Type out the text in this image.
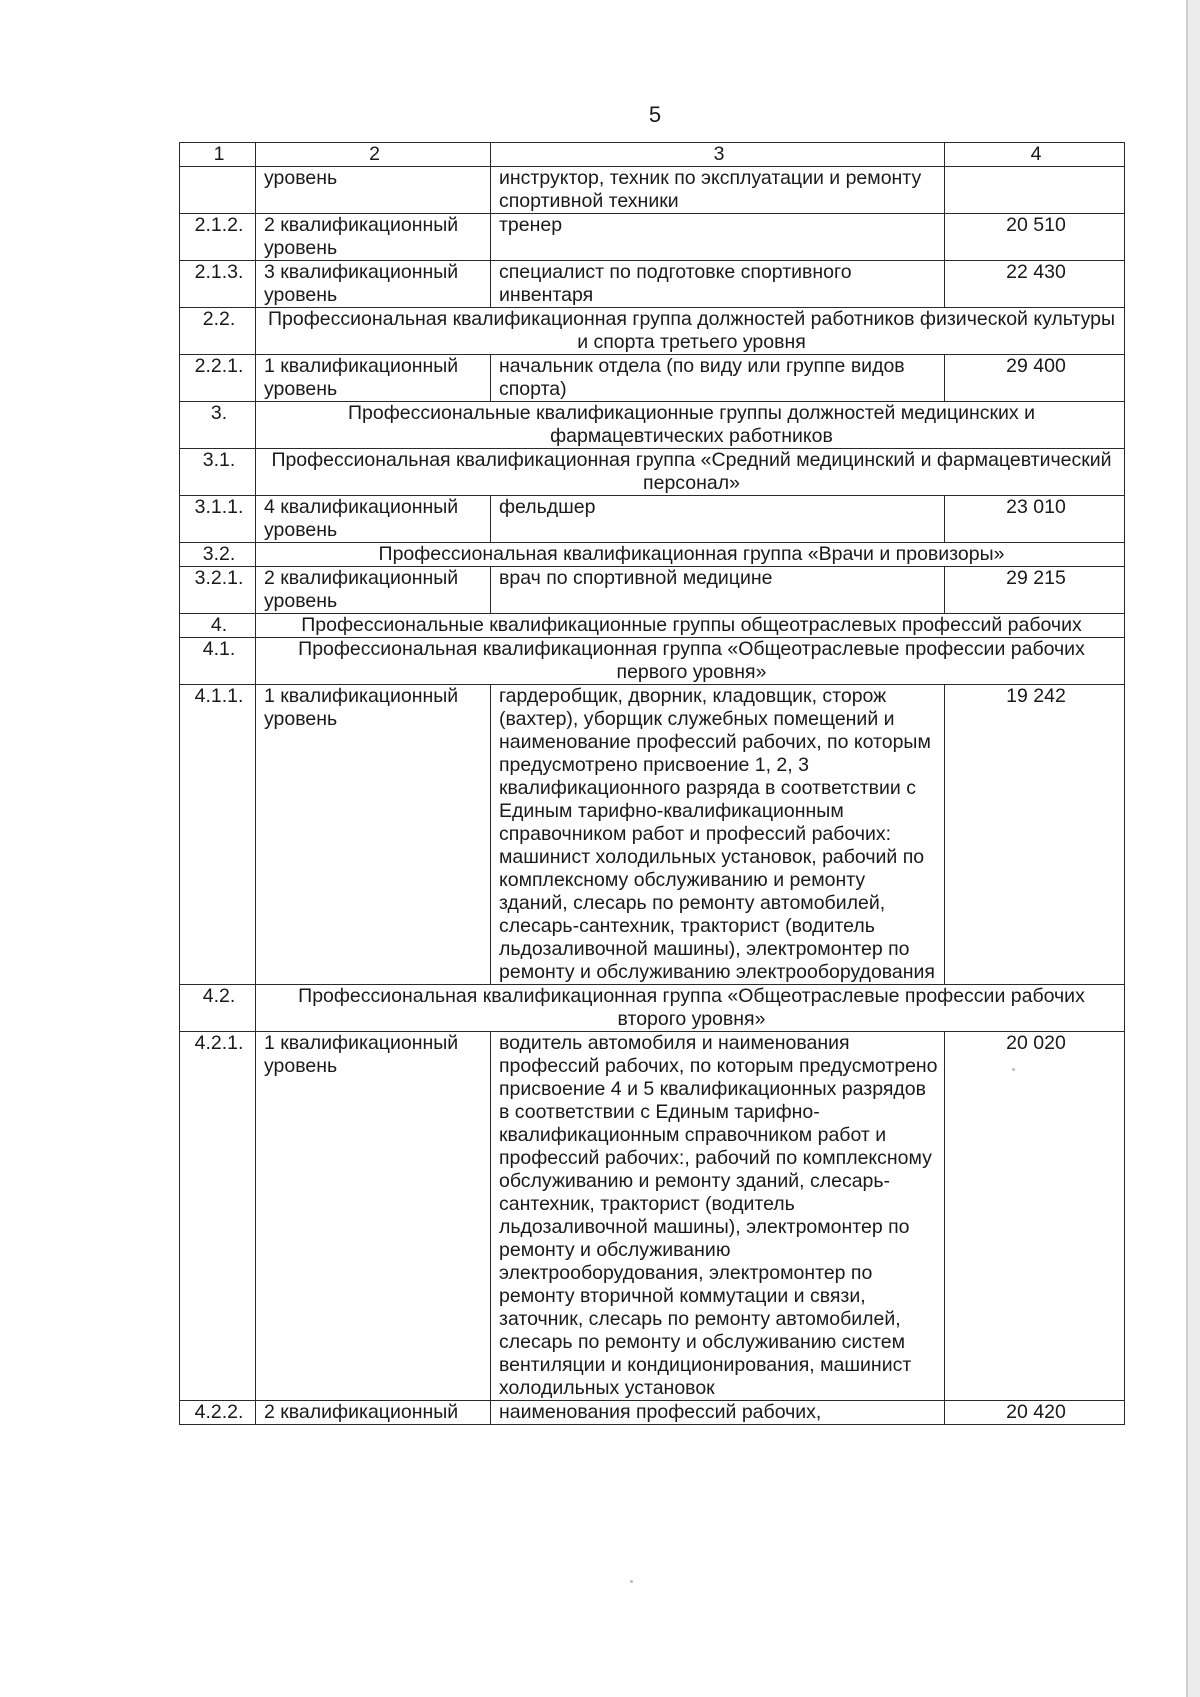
5
1	2	3	4
	уровень	инструктор, техник по эксплуатации и ремонту спортивной техники	
2.1.2.	2 квалификационный уровень	тренер	20 510
2.1.3.	3 квалификационный уровень	специалист по подготовке спортивного инвентаря	22 430
2.2.	Профессиональная квалификационная группа должностей работников физической культуры и спорта третьего уровня		
2.2.1.	1 квалификационный уровень	начальник отдела (по виду или группе видов спорта)	29 400
3.	Профессиональные квалификационные группы должностей медицинских и фармацевтических работников		
3.1.	Профессиональная квалификационная группа «Средний медицинский и фармацевтический персонал»		
3.1.1.	4 квалификационный уровень	фельдшер	23 010
3.2.	Профессиональная квалификационная группа «Врачи и провизоры»		
3.2.1.	2 квалификационный уровень	врач по спортивной медицине	29 215
4.	Профессиональные квалификационные группы общеотраслевых профессий рабочих		
4.1.	Профессиональная квалификационная группа «Общеотраслевые профессии рабочих первого уровня»		
4.1.1.	1 квалификационный уровень	гардеробщик, дворник, кладовщик, сторож (вахтер), уборщик служебных помещений и наименование профессий рабочих, по которым предусмотрено присвоение 1, 2, 3 квалификационного разряда в соответствии с Единым тарифно-квалификационным справочником работ и профессий рабочих: машинист холодильных установок, рабочий по комплексному обслуживанию и ремонту зданий, слесарь по ремонту автомобилей, слесарь-сантехник, тракторист (водитель льдозаливочной машины), электромонтер по ремонту и обслуживанию электрооборудования	19 242
4.2.	Профессиональная квалификационная группа «Общеотраслевые профессии рабочих второго уровня»		
4.2.1.	1 квалификационный уровень	водитель автомобиля и наименования профессий рабочих, по которым предусмотрено присвоение 4 и 5 квалификационных разрядов в соответствии с Единым тарифно-квалификационным справочником работ и профессий рабочих:, рабочий по комплексному обслуживанию и ремонту зданий, слесарь-сантехник, тракторист (водитель льдозаливочной машины), электромонтер по ремонту и обслуживанию электрооборудования, электромонтер по ремонту вторичной коммутации и связи, заточник, слесарь по ремонту автомобилей, слесарь по ремонту и обслуживанию систем вентиляции и кондиционирования, машинист холодильных установок	20 020
4.2.2.	2 квалификационный	наименования профессий рабочих,	20 420
